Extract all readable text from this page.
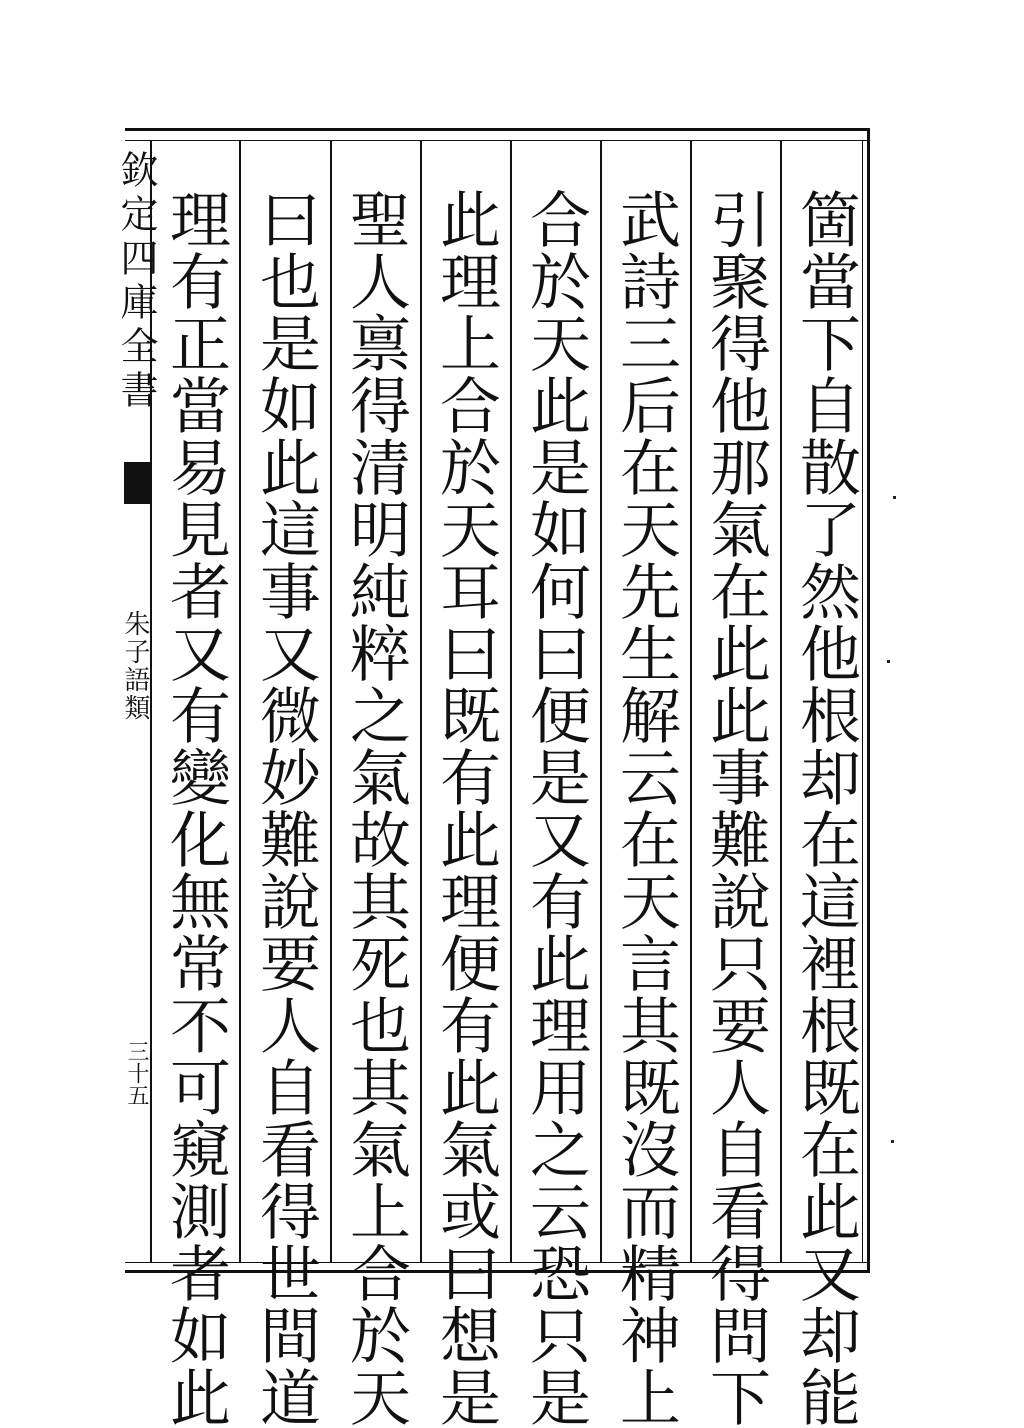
欽定四庫全書
朱子語類
三十五	箇當下自散了然他根却在這裡根既在此又却能
引聚得他那氣在此此事難說只要人自看得問下
武詩三后在天先生解云在天言其既沒而精神上
合於天此是如何曰便是又有此理用之云恐只是
此理上合於天耳曰既有此理便有此氣或曰想是
聖人禀得清明純粹之氣故其死也其氣上合於天
曰也是如此這事又微妙難說要人自看得世間道
理有正當易見者又有變化無常不可窺測者如此
